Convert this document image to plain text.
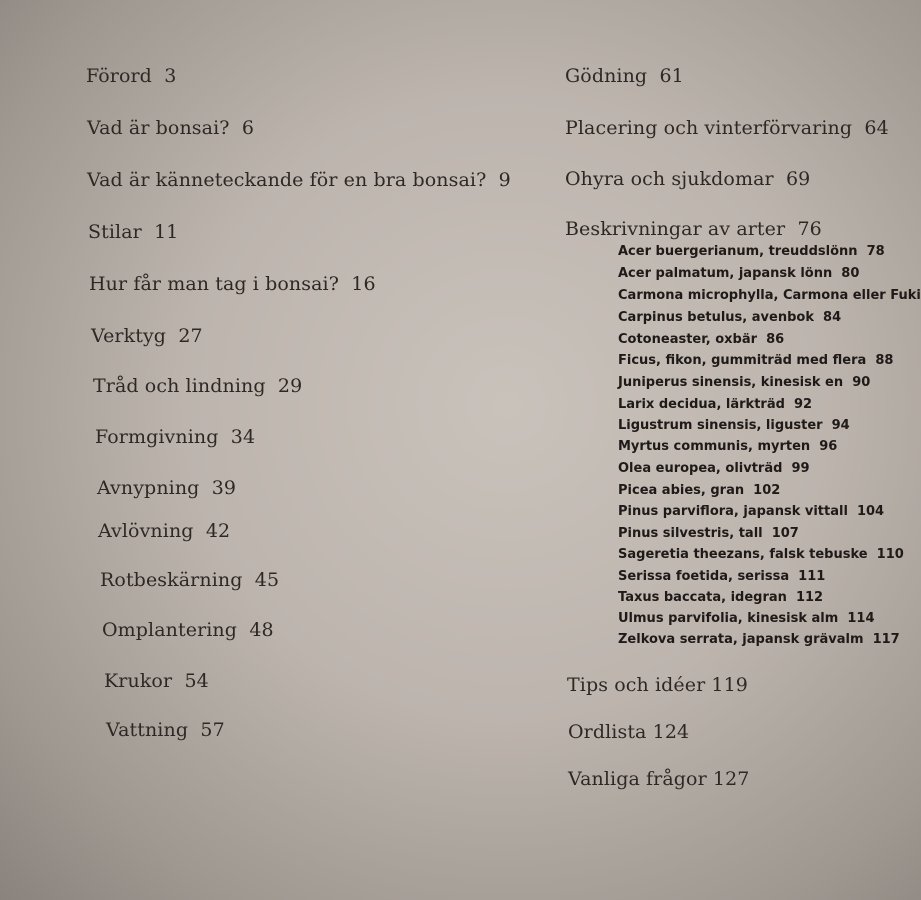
Förord 3
Vad är bonsai? 6
Vad är känneteckande för en bra bonsai? 9
Stilar 11
Hur får man tag i bonsai? 16
Verktyg 27
Tråd och lindning 29
Formgivning 34
Avnypning 39
Avlövning 42
Rotbeskärning 45
Omplantering 48
Krukor 54
Vattning 57
Gödning 61
Placering och vinterförvaring 64
Ohyra och sjukdomar 69
Beskrivningar av arter 76
Acer buergerianum, treuddslönn 78
Acer palmatum, japansk lönn 80
Carmona microphylla, Carmona eller Fuki
Carpinus betulus, avenbok 84
Cotoneaster, oxbär 86
Ficus, fikon, gummiträd med flera 88
Juniperus sinensis, kinesisk en 90
Larix decidua, lärkträd 92
Ligustrum sinensis, liguster 94
Myrtus communis, myrten 96
Olea europea, olivträd 99
Picea abies, gran 102
Pinus parviflora, japansk vittall 104
Pinus silvestris, tall 107
Sageretia theezans, falsk tebuske 110
Serissa foetida, serissa 111
Taxus baccata, idegran 112
Ulmus parvifolia, kinesisk alm 114
Zelkova serrata, japansk grävalm 117
Tips och idéer 119
Ordlista 124
Vanliga frågor 127
